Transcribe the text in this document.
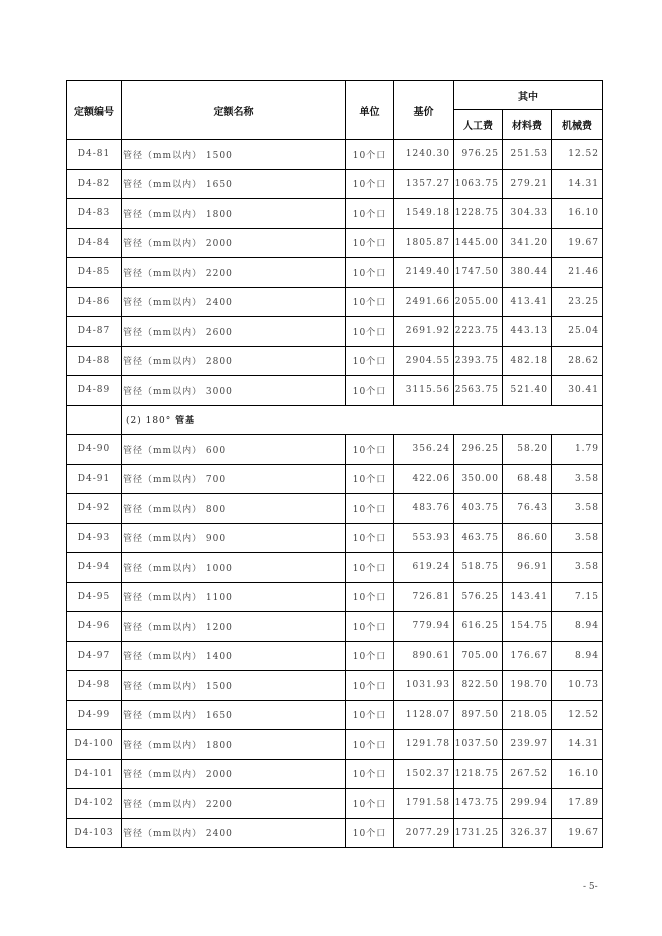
定额编号	定额名称	单位	基价	其中		
				人工费	材料费	机械费
D4-81	管径（mm以内） 1500	10个口	1240.30	976.25	251.53	12.52
D4-82	管径（mm以内） 1650	10个口	1357.27	1063.75	279.21	14.31
D4-83	管径（mm以内） 1800	10个口	1549.18	1228.75	304.33	16.10
D4-84	管径（mm以内） 2000	10个口	1805.87	1445.00	341.20	19.67
D4-85	管径（mm以内） 2200	10个口	2149.40	1747.50	380.44	21.46
D4-86	管径（mm以内） 2400	10个口	2491.66	2055.00	413.41	23.25
D4-87	管径（mm以内） 2600	10个口	2691.92	2223.75	443.13	25.04
D4-88	管径（mm以内） 2800	10个口	2904.55	2393.75	482.18	28.62
D4-89	管径（mm以内） 3000	10个口	3115.56	2563.75	521.40	30.41
	(2) 180° 管基					
D4-90	管径（mm以内） 600	10个口	356.24	296.25	58.20	1.79
D4-91	管径（mm以内） 700	10个口	422.06	350.00	68.48	3.58
D4-92	管径（mm以内） 800	10个口	483.76	403.75	76.43	3.58
D4-93	管径（mm以内） 900	10个口	553.93	463.75	86.60	3.58
D4-94	管径（mm以内） 1000	10个口	619.24	518.75	96.91	3.58
D4-95	管径（mm以内） 1100	10个口	726.81	576.25	143.41	7.15
D4-96	管径（mm以内） 1200	10个口	779.94	616.25	154.75	8.94
D4-97	管径（mm以内） 1400	10个口	890.61	705.00	176.67	8.94
D4-98	管径（mm以内） 1500	10个口	1031.93	822.50	198.70	10.73
D4-99	管径（mm以内） 1650	10个口	1128.07	897.50	218.05	12.52
D4-100	管径（mm以内） 1800	10个口	1291.78	1037.50	239.97	14.31
D4-101	管径（mm以内） 2000	10个口	1502.37	1218.75	267.52	16.10
D4-102	管径（mm以内） 2200	10个口	1791.58	1473.75	299.94	17.89
D4-103	管径（mm以内） 2400	10个口	2077.29	1731.25	326.37	19.67
- 5-
